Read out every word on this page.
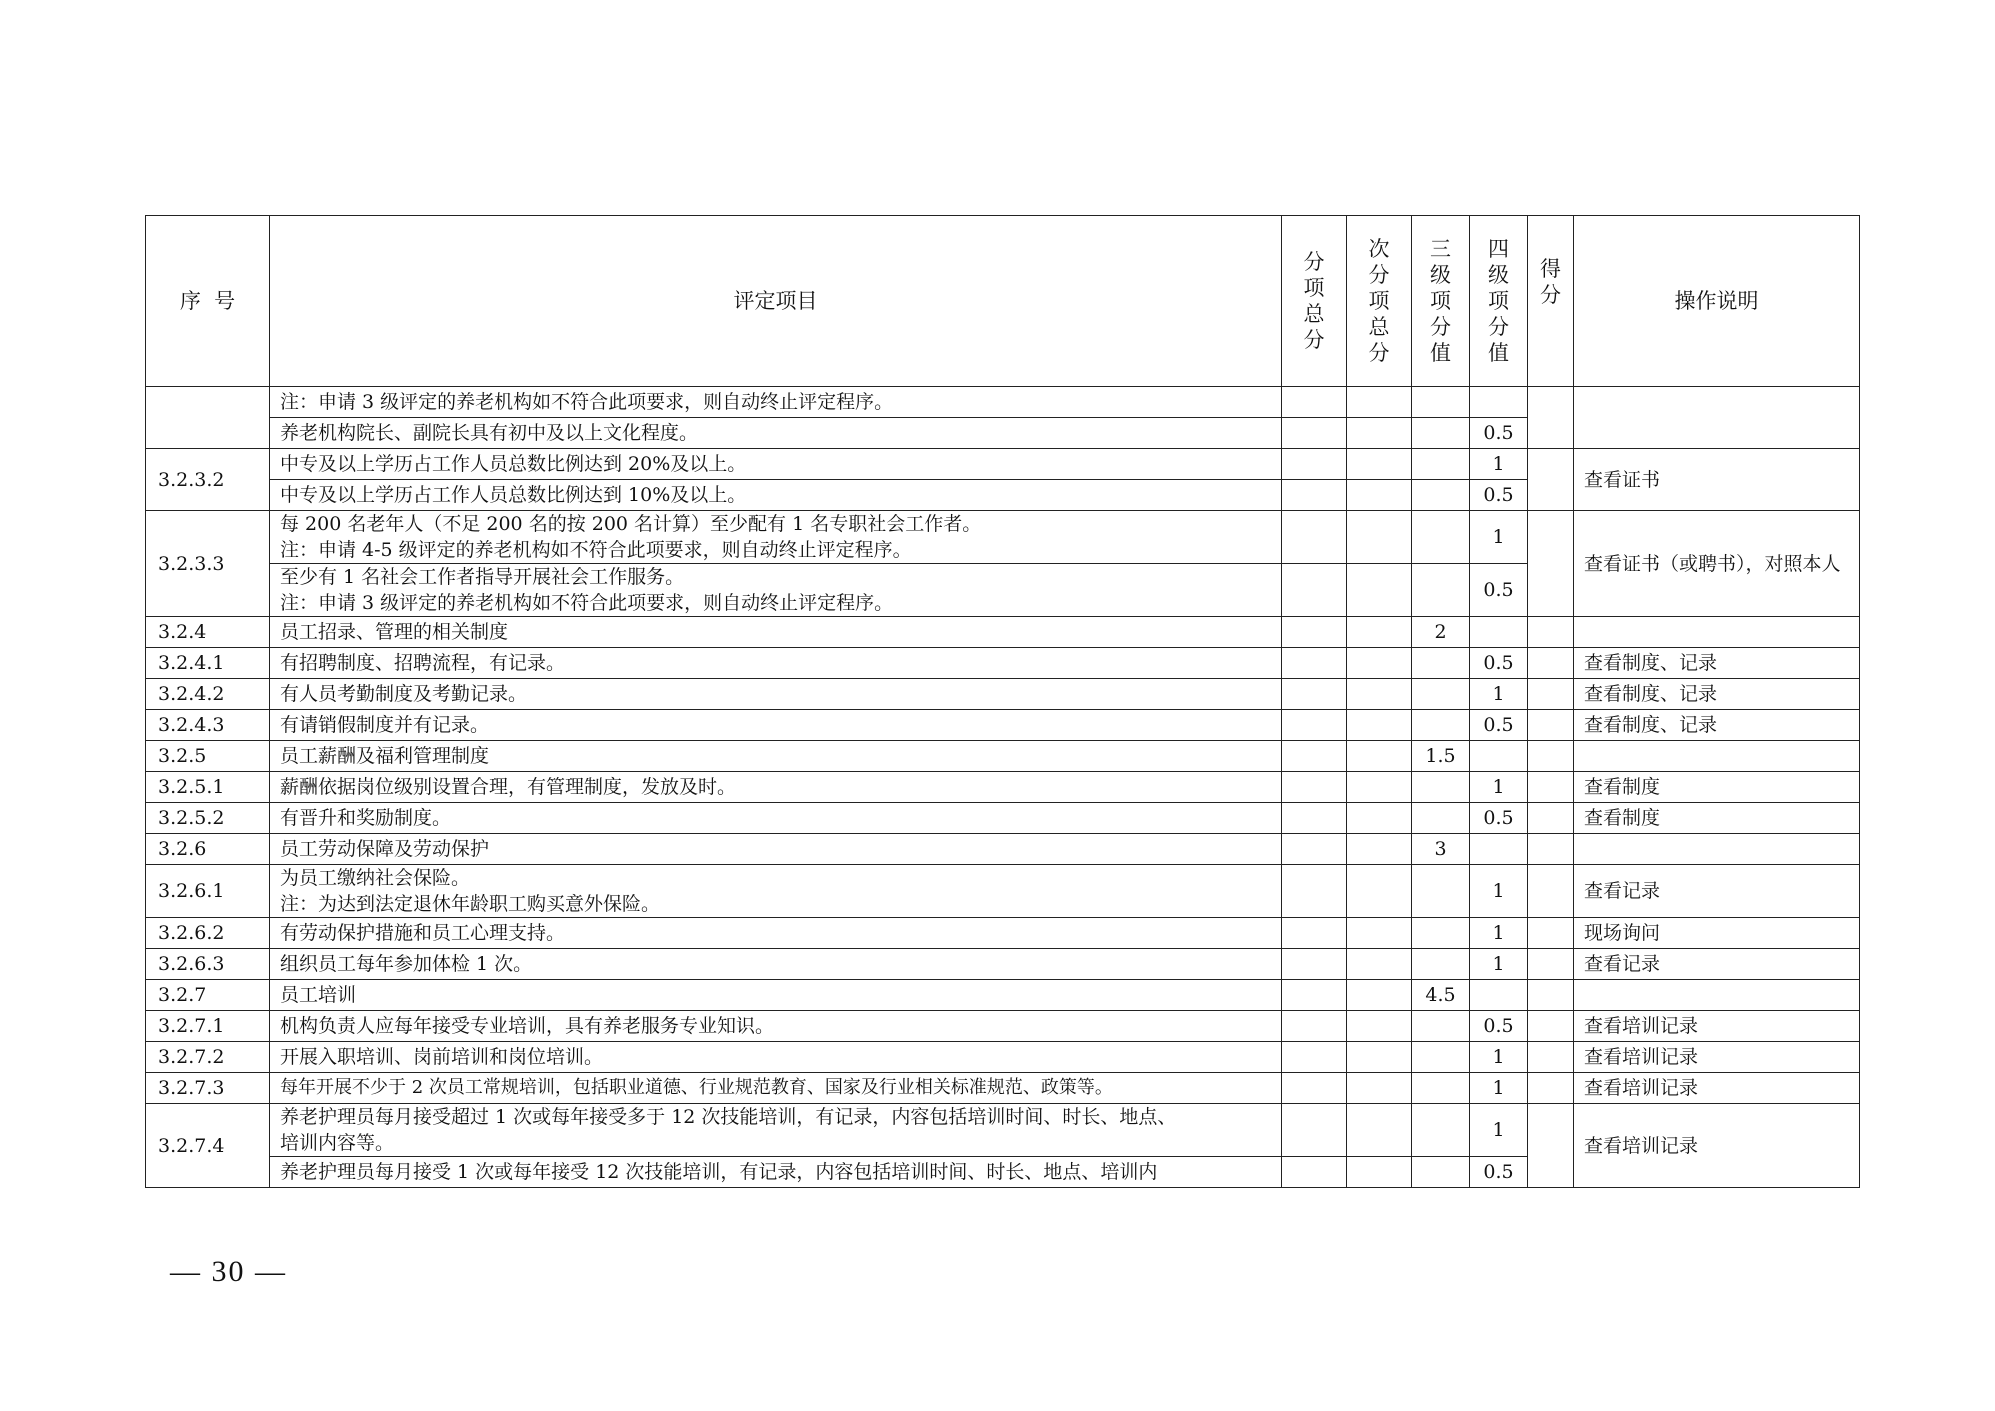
序  号	评定项目	分项总分	次分项总分	三级项分值	四级项分值	得分	操作说明
	注：申请 3 级评定的养老机构如不符合此项要求，则自动终止评定程序。						
	养老机构院长、副院长具有初中及以上文化程度。				0.5		
3.2.3.2	中专及以上学历占工作人员总数比例达到 20%及以上。				1		查看证书
	中专及以上学历占工作人员总数比例达到 10%及以上。				0.5		
3.2.3.3	每 200 名老年人（不足 200 名的按 200 名计算）至少配有 1 名专职社会工作者。
注：申请 4-5 级评定的养老机构如不符合此项要求，则自动终止评定程序。				1		查看证书（或聘书），对照本人

	至少有 1 名社会工作者指导开展社会工作服务。
注：申请 3 级评定的养老机构如不符合此项要求，则自动终止评定程序。				0.5		
3.2.4	员工招录、管理的相关制度			2			
3.2.4.1	有招聘制度、招聘流程，有记录。				0.5		查看制度、记录
3.2.4.2	有人员考勤制度及考勤记录。				1		查看制度、记录
3.2.4.3	有请销假制度并有记录。				0.5		查看制度、记录
3.2.5	员工薪酬及福利管理制度			1.5			
3.2.5.1	薪酬依据岗位级别设置合理，有管理制度，发放及时。				1		查看制度
3.2.5.2	有晋升和奖励制度。				0.5		查看制度
3.2.6	员工劳动保障及劳动保护			3			
3.2.6.1	为员工缴纳社会保险。
注：为达到法定退休年龄职工购买意外保险。				1		查看记录
3.2.6.2	有劳动保护措施和员工心理支持。				1		现场询问
3.2.6.3	组织员工每年参加体检 1 次。				1		查看记录
3.2.7	员工培训			4.5			
3.2.7.1	机构负责人应每年接受专业培训，具有养老服务专业知识。				0.5		查看培训记录
3.2.7.2	开展入职培训、岗前培训和岗位培训。				1		查看培训记录
3.2.7.3	每年开展不少于 2 次员工常规培训，包括职业道德、行业规范教育、国家及行业相关标准规范、政策等。				1		查看培训记录
3.2.7.4	养老护理员每月接受超过 1 次或每年接受多于 12 次技能培训，有记录，内容包括培训时间、时长、地点、
培训内容等。				1		查看培训记录
	养老护理员每月接受 1 次或每年接受 12 次技能培训，有记录，内容包括培训时间、时长、地点、培训内				0.5		
— 30 —
